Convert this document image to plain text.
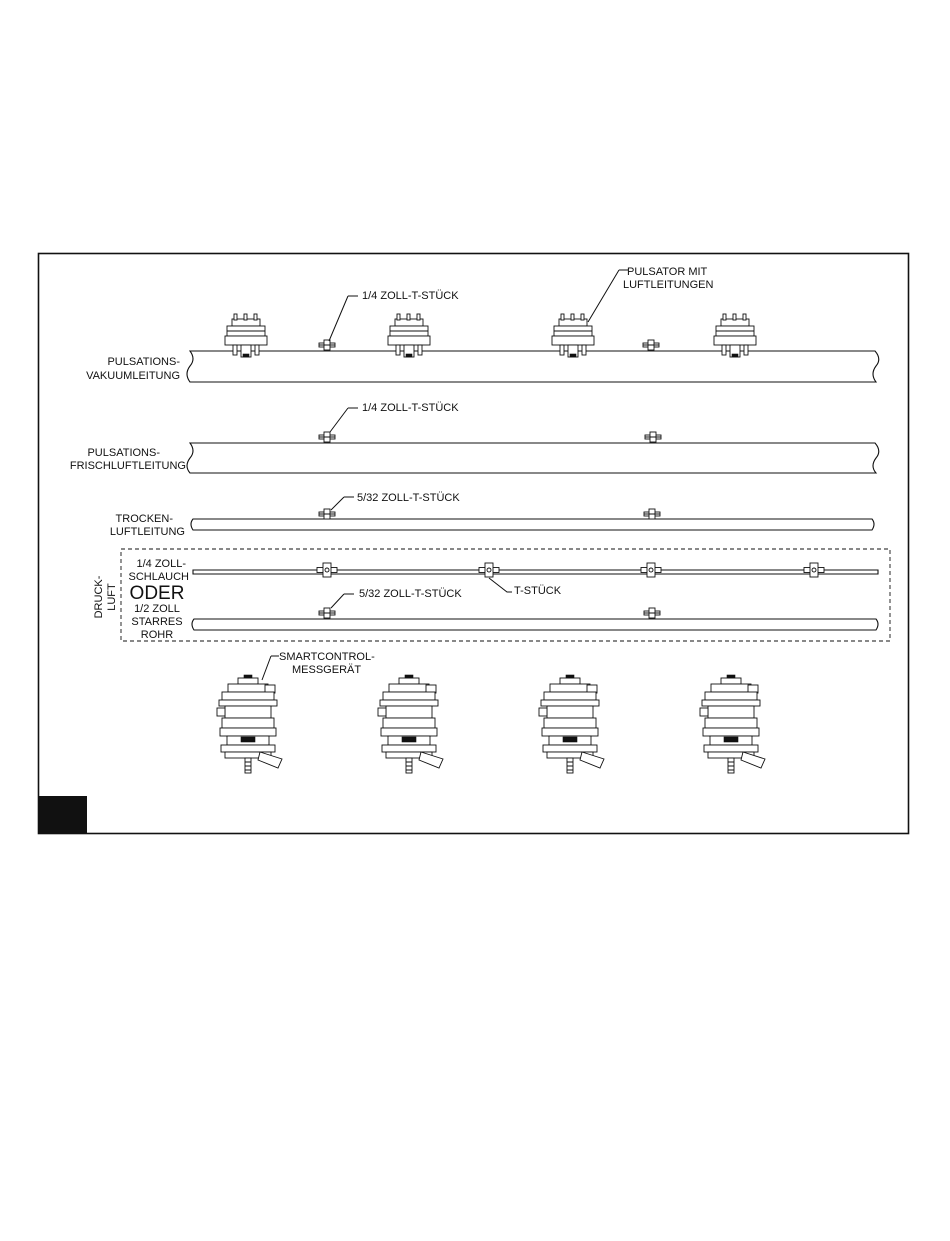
PULSATIONS-
VAKUUMLEITUNG
1/4 ZOLL-T-STÜCK
PULSATOR MIT
LUFTLEITUNGEN
PULSATIONS-
FRISCHLUFTLEITUNG
1/4 ZOLL-T-STÜCK
TROCKEN-
LUFTLEITUNG
5/32 ZOLL-T-STÜCK
DRUCK- LUFT
1/4 ZOLL-
SCHLAUCH
ODER
1/2 ZOLL
STARRES
ROHR
T-STÜCK
5/32 ZOLL-T-STÜCK
SMARTCONTROL-
MESSGERÄT
